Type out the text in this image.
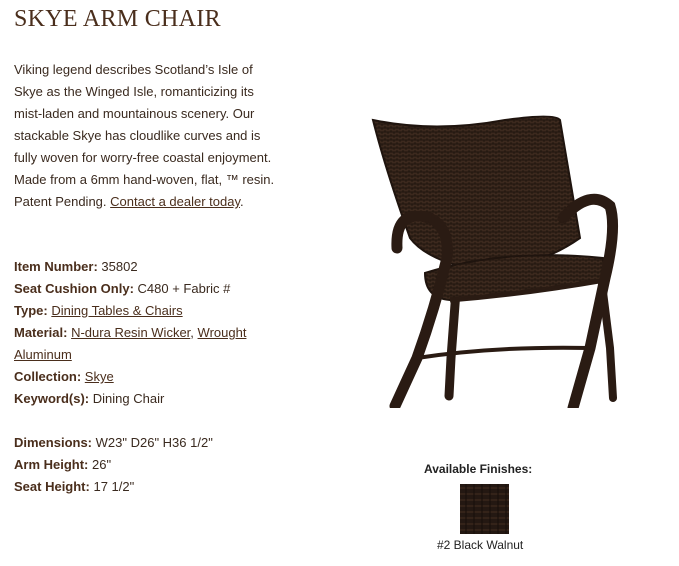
SKYE ARM CHAIR

Viking legend describes Scotland’s Isle of Skye as the Winged Isle, romanticizing its mist-laden and mountainous scenery. Our stackable Skye has cloudlike curves and is fully woven for worry-free coastal enjoyment. Made from a 6mm hand-woven, flat, ™ resin. Patent Pending. Contact a dealer today.

Item Number: 35802
Seat Cushion Only: C480 + Fabric #
Type: Dining Tables & Chairs
Material: N-dura Resin Wicker, Wrought Aluminum
Collection: Skye
Keyword(s): Dining Chair
Dimensions: W23" D26" H36 1/2"
Arm Height: 26"
Seat Height: 17 1/2"
Available Finishes:
#2 Black Walnut
